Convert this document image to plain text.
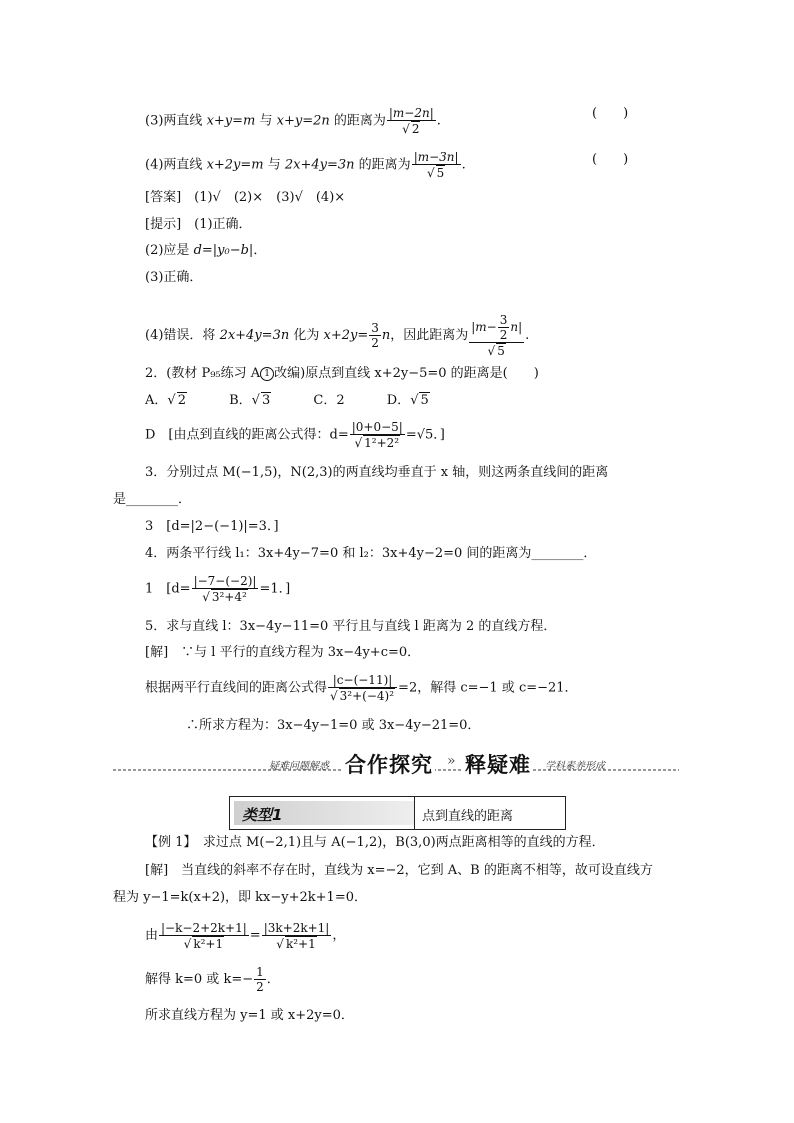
(3)两直线 x+y=m 与 x+y=2n 的距离为 $\frac{|m-2n|}{√ 2}$ .	(　　)
(4)两直线 x+2y=m 与 2x+4y=3n 的距离为 $\frac{|m-3n|}{√ 5}$ .	(　　)
[答案]　(1)√　(2)×　(3)√　(4)×
[提示]　(1)正确．
(2)应是 d=|y₀−b|．
(3)正确．
(4)错误．将 2x+4y=3n 化为 $x+2y= \frac{3}{2}$ n，因此距离为 $\frac{|m- \frac{3}{2} n|}{√ 5}$ .
2．(教材 P₉₅练习 A 1 改编)原点到直线 x+2y−5=0 的距离是(　　)
A．√ 2	B．√ 3	C．2	D．√ 5
D　[由点到直线的距离公式得：$d= \frac{|0+0-5|}{\text{√ 1²+2²}} =√5$．]
3．分别过点 M(−1,5)，N(2,3)的两直线均垂直于 x 轴，则这两条直线间的距离
是________．
3　[d=|2−(−1)|=3．]
4．两条平行线 l₁：3x+4y−7=0 和 l₂：3x+4y−2=0 间的距离为________．
1　[$d= \frac{|-7-(-2)|}{\text{√ 3²+4²}} =1$．]
5．求与直线 l：3x−4y−11=0 平行且与直线 l 距离为 2 的直线方程．
[解]　∵与 l 平行的直线方程为 3x−4y+c=0．
根据两平行直线间的距离公式得 $\frac{|c-(-11)|}{\text{√ 3²+(−4)²}} =2$，解得 c=−1 或 c=−21．
∴所求方程为：3x−4y−1=0 或 3x−4y−21=0．
疑难问题解惑 合作探究 » 释疑难 学科素养形成
类型1	点到直线的距离
【例 1】　求过点 M(−2,1)且与 A(−1,2)，B(3,0)两点距离相等的直线的方程．
[解]　当直线的斜率不存在时，直线为 x=−2，它到 A、B 的距离不相等，故可设直线方
程为 y−1=k(x+2)，即 kx−y+2k+1=0．
由 $\frac{|-k-2+2k+1|}{\text{√ k²+1}} = \frac{|3k+2k+1|}{\text{√ k²+1}}$ ，
解得 k=0 或 $k=- \frac{1}{2}$ ．
所求直线方程为 y=1 或 x+2y=0．
